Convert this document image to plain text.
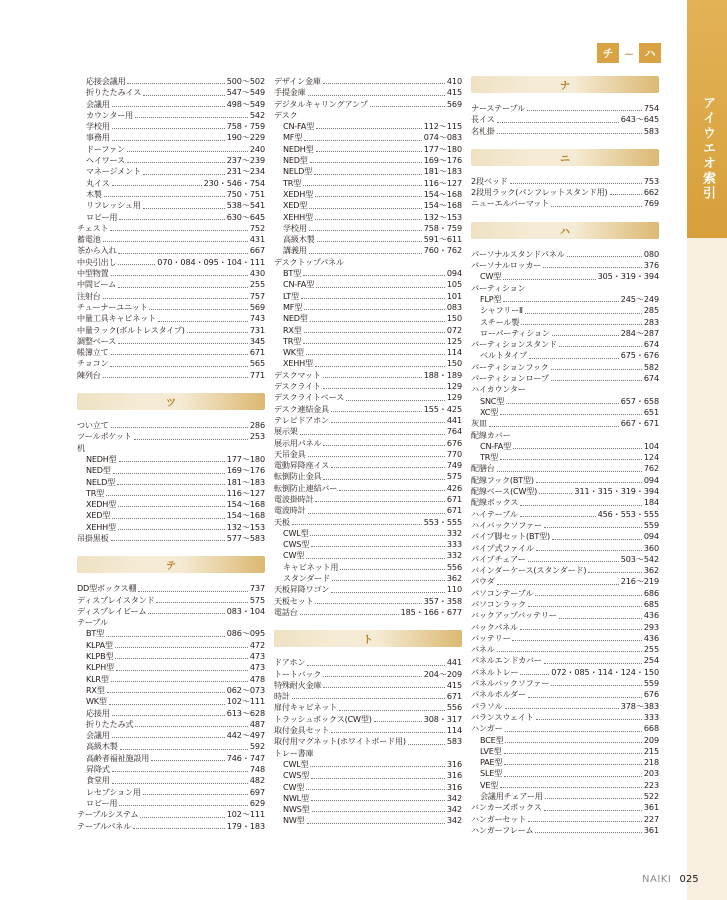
アイウエオ索引
チ	－ ハ
応接会議用	500～502
折りたたみイス	547～549
会議用	498～549
カウンター用	542
学校用	758・759
事務用	190～229
ドーファン	240
ヘイワース	237～239
マネージメント	231～234
丸イス	230・546・754
木製	750・751
リフレッシュ用	538～541
ロビー用	630～645
チェスト	752
蓄電池	431
茶から入れ	667
中央引出し	070・084・095・104・111
中型物置	430
中間ビーム	255
注射台	757
チューナーユニット	569
中量工具キャビネット	743
中量ラック(ボルトレスタイプ)	731
調整ベース	345
帳簿立て	671
チョコン	565
陳列台	771
ツ
つい立て	286
ツールポケット	253
机
NEDH型	177～180
NED型	169～176
NELD型	181～183
TR型	116～127
XEDH型	154～168
XED型	154～168
XEHH型	132～153
吊掛黒板	577～583
テ
DD型ボックス棚	737
ディスプレイスタンド	575
ディスプレイビーム	083・104
テーブル
BT型	086～095
KLPA型	472
KLPB型	473
KLPH型	473
KLR型	478
RX型	062～073
WK型	102～111
応接用	613～628
折りたたみ式	487
会議用	442～497
高級木製	592
高齢者福祉施設用	746・747
昇降式	748
食堂用	482
レセプション用	697
ロビー用	629
テーブルシステム	102～111
テーブルパネル	179・183
デザイン金庫	410
手提金庫	415
デジタルキャリングアンプ	569
デスク
CN-FA型	112～115
MF型	074～083
NEDH型	177～180
NED型	169～176
NELD型	181～183
TR型	116～127
XEDH型	154～168
XED型	154～168
XEHH型	132～153
学校用	758・759
高級木製	591～611
講義用	760・762
デスクトップパネル
BT型	094
CN-FA型	105
LT型	101
MF型	083
NED型	150
RX型	072
TR型	125
WK型	114
XEHH型	150
デスクマット	188・189
デスクライト	129
デスクライトベース	129
デスク連結金具	155・425
テレビドアホン	441
展示架	764
展示用パネル	676
天吊金具	770
電動昇降座イス	749
転倒防止金具	575
転倒防止連結バー	426
電波掛時計	671
電波時計	671
天板	553・555
CWL型	332
CWS型	333
CW型	332
キャビネット用	556
スタンダード	362
天板昇降ワゴン	110
天板セット	357・358
電話台	185・166・677
ト
ドアホン	441
トートバック	204～209
特殊耐火金庫	415
時計	671
扉付キャビネット	556
トラッシュボックス(CW型)	308・317
取付金具セット	114
取付用マグネット(ホワイトボード用)	583
トレー書庫
CWL型	316
CWS型	316
CW型	316
NWL型	342
NWS型	342
NW型	342
ナ
ナーステーブル	754
長イス	643～645
名札掛	583
ニ
2段ベッド	753
2段用ラック(パンフレットスタンド用)	662
ニューエルバーマット	769
ハ
パーソナルスタンドパネル	080
パーソナルロッカー	376
CW型	305・319・394
パーティション
FLP型	245～249
シャフリーⅡ	285
スチール製	283
ローパーティション	284～287
パーティションスタンド	674
ベルトタイプ	675・676
パーティションフック	582
パーティションロープ	674
ハイカウンター
SNC型	657・658
XC型	651
灰皿	667・671
配線カバー
CN-FA型	104
TR型	124
配膳台	762
配線フック(BT型)	094
配線ベース(CW型)	311・315・319・394
配線ボックス	184
ハイテーブル	456・553・555
ハイバックソファー	559
パイプ脚セット(BT型)	094
パイプ式ファイル	360
パイプチェアー	503～542
バインダーケース(スタンダード)	362
パウダ	216～219
パソコンテーブル	686
パソコンラック	685
バックアップバッテリー	436
バックパネル	293
バッテリー	436
パネル	255
パネルエンドカバー	254
パネルトレー	072・085・114・124・150
パネルバックソファー	559
パネルホルダー	676
パラソル	378～383
バランスウェイト	333
ハンガー	668
BCE型	209
LVE型	215
PAE型	218
SLE型	203
VE型	223
会議用チェアー用	522
バンカーズボックス	361
ハンガーセット	227
ハンガーフレーム	361
NAIKI 025
